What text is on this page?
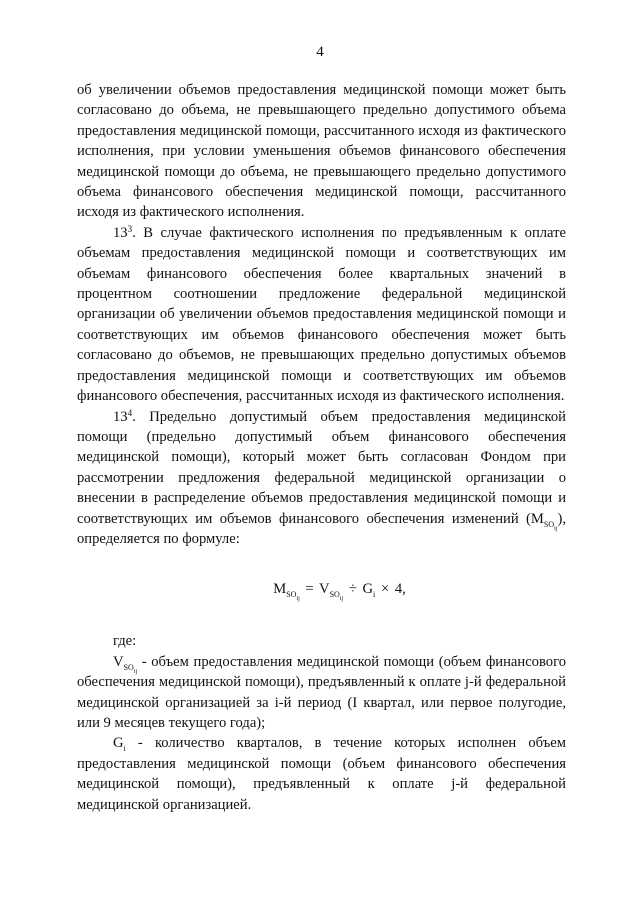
4

об увеличении объемов предоставления медицинской помощи может быть согласовано до объема, не превышающего предельно допустимого объема предоставления медицинской помощи, рассчитанного исходя из фактического исполнения, при условии уменьшения объемов финансового обеспечения медицинской помощи до объема, не превышающего предельно допустимого объема финансового обеспечения медицинской помощи, рассчитанного исходя из фактического исполнения.

$13^3$. В случае фактического исполнения по предъявленным к оплате объемам предоставления медицинской помощи и соответствующих им объемам финансового обеспечения более квартальных значений в процентном соотношении предложение федеральной медицинской организации об увеличении объемов предоставления медицинской помощи и соответствующих им объемов финансового обеспечения может быть согласовано до объемов, не превышающих предельно допустимых объемов предоставления медицинской помощи и соответствующих им объемов финансового обеспечения, рассчитанных исходя из фактического исполнения.

$13^4$. Предельно допустимый объем предоставления медицинской помощи (предельно допустимый объем финансового обеспечения медицинской помощи), который может быть согласован Фондом при рассмотрении предложения федеральной медицинской организации о внесении в распределение объемов предоставления медицинской помощи и соответствующих им объемов финансового обеспечения изменений $(M_{SO_{ij}})$, определяется по формуле:

$M_{SO_{ij}} = V_{SO_{ij}} \div G_i \times 4$,

где:

$V_{SO_{ij}}$ - объем предоставления медицинской помощи (объем финансового обеспечения медицинской помощи), предъявленный к оплате j-й федеральной медицинской организацией за i-й период (I квартал, или первое полугодие, или 9 месяцев текущего года);

$G_i$ - количество кварталов, в течение которых исполнен объем предоставления медицинской помощи (объем финансового обеспечения медицинской помощи), предъявленный к оплате j-й федеральной медицинской организацией.
